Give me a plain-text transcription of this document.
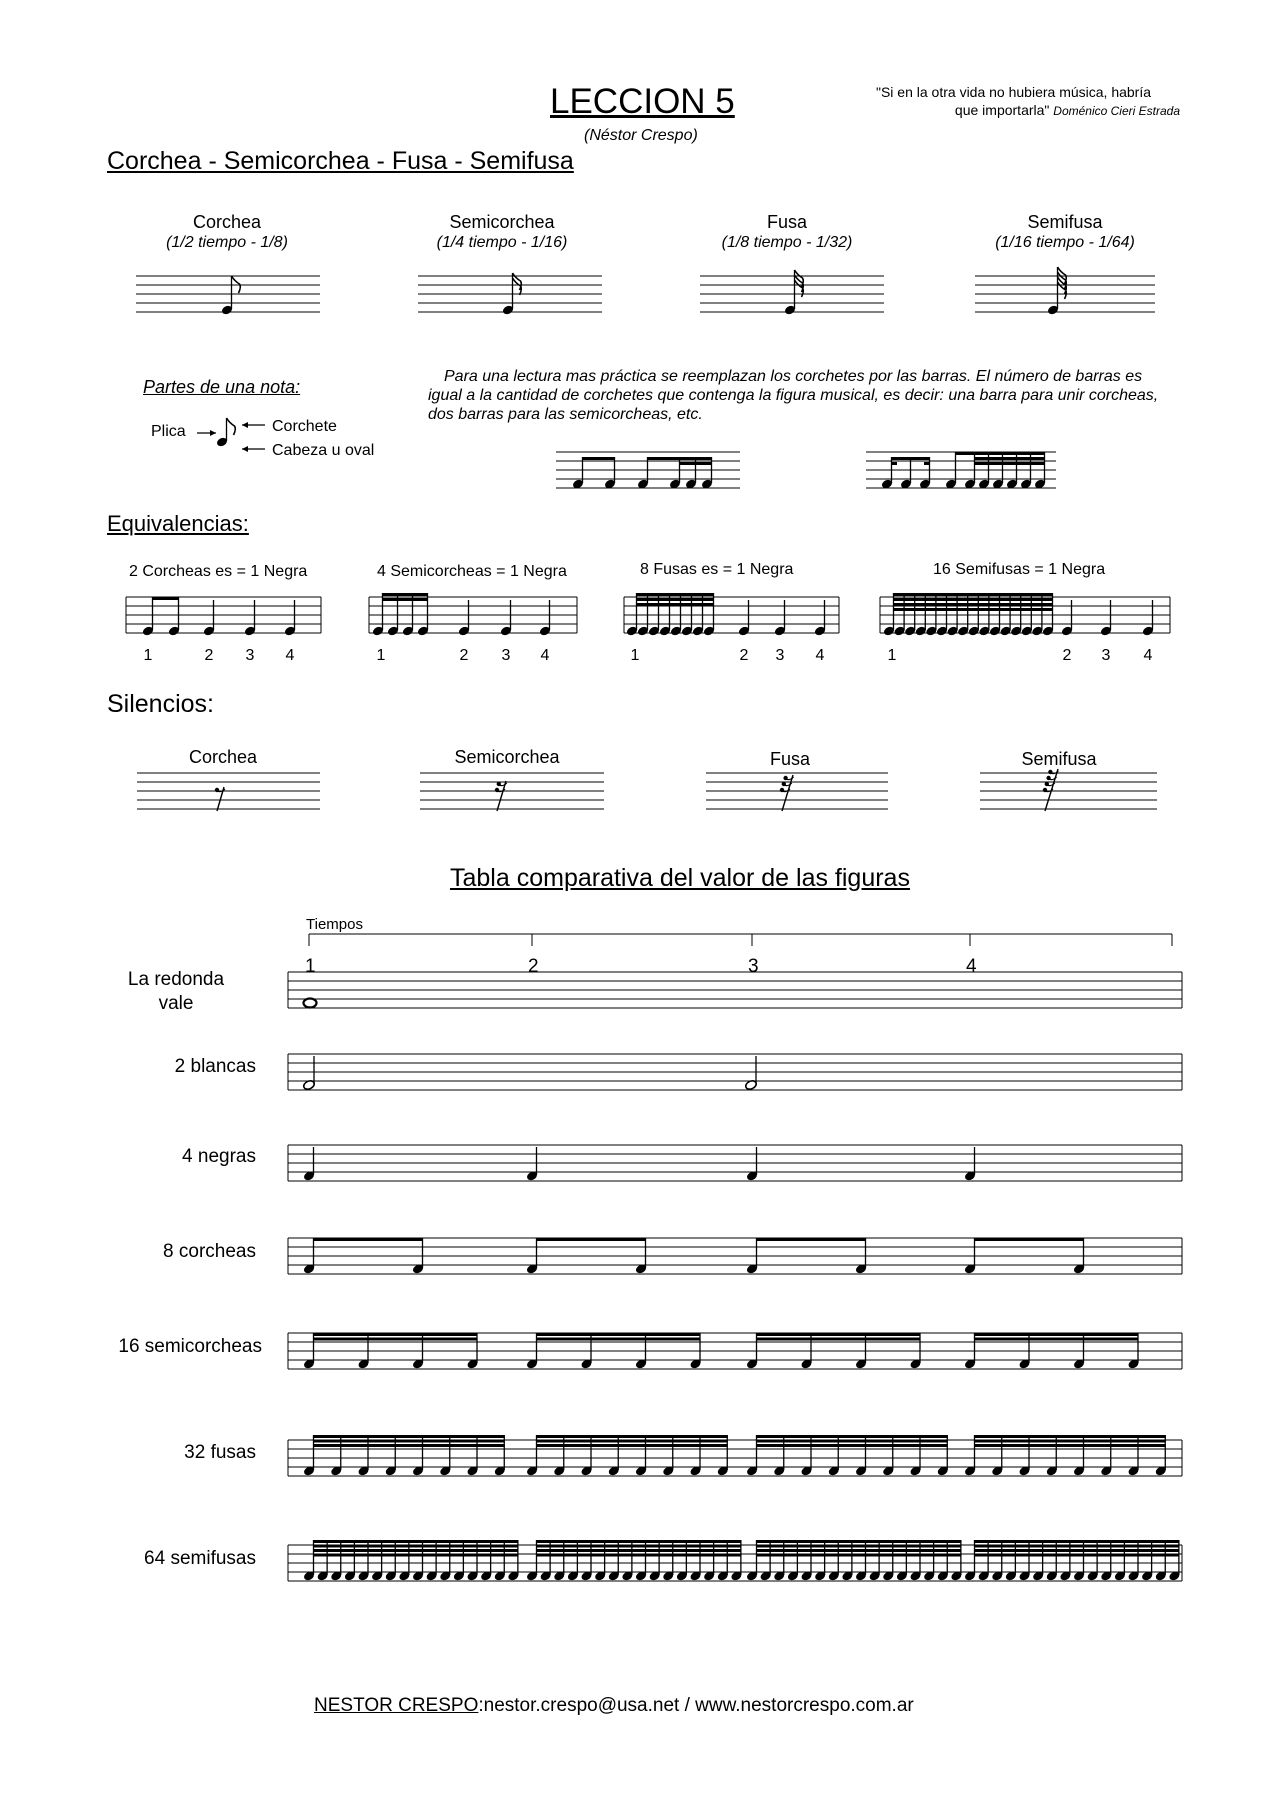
LECCION 5
(Néstor Crespo)
"Si en la otra vida no hubiera música, habría
que importarla" Doménico Cieri Estrada
Corchea - Semicorchea - Fusa - Semifusa
Corchea
(1/2 tiempo - 1/8)
Semicorchea
(1/4 tiempo - 1/16)
Fusa
(1/8 tiempo - 1/32)
Semifusa
(1/16 tiempo - 1/64)
Partes de una nota:
Plica	Corchete
Cabeza u oval
Para una lectura mas práctica se reemplazan los corchetes por las barras. El número de barras es igual a la cantidad de corchetes que contenga la figura musical, es decir: una barra para unir corcheas, dos barras para las semicorcheas, etc.
Equivalencias:
2 Corcheas es = 1 Negra	4 Semicorcheas = 1 Negra	8 Fusas es = 1 Negra	16 Semifusas = 1 Negra
Silencios:
Corchea	Semicorchea	Fusa	Semifusa
Tabla comparativa del valor de las figuras
Tiempos
La redonda
vale
2 blancas
4 negras
8 corcheas
16 semicorcheas
32 fusas
64 semifusas
NESTOR CRESPO:nestor.crespo@usa.net / www.nestorcrespo.com.ar
1	2 3 4	1	2 3 4	1	2 3 4	1	2 3 4
1	2	3	4
